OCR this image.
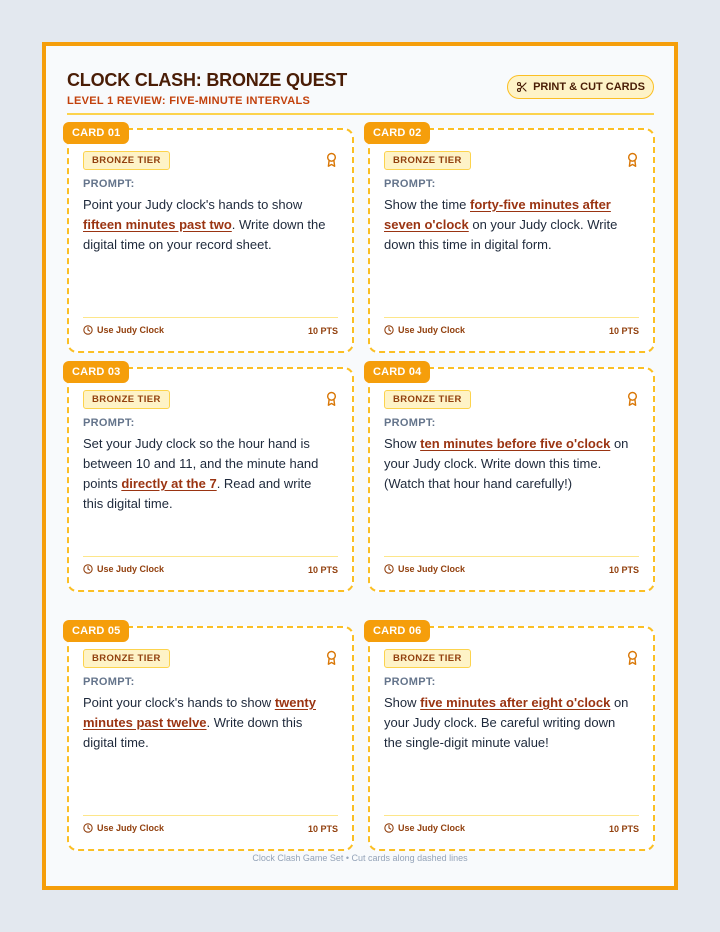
CLOCK CLASH: BRONZE QUEST
LEVEL 1 REVIEW: FIVE-MINUTE INTERVALS
PRINT & CUT CARDS
CARD 01
BRONZE TIER
PROMPT:
Point your Judy clock's hands to show fifteen minutes past two. Write down the digital time on your record sheet.
Use Judy Clock	10 PTS
CARD 02
BRONZE TIER
PROMPT:
Show the time forty-five minutes after seven o'clock on your Judy clock. Write down this time in digital form.
Use Judy Clock	10 PTS
CARD 03
BRONZE TIER
PROMPT:
Set your Judy clock so the hour hand is between 10 and 11, and the minute hand points directly at the 7. Read and write this digital time.
Use Judy Clock	10 PTS
CARD 04
BRONZE TIER
PROMPT:
Show ten minutes before five o'clock on your Judy clock. Write down this time. (Watch that hour hand carefully!)
Use Judy Clock	10 PTS
CARD 05
BRONZE TIER
PROMPT:
Point your clock's hands to show twenty minutes past twelve. Write down this digital time.
Use Judy Clock	10 PTS
CARD 06
BRONZE TIER
PROMPT:
Show five minutes after eight o'clock on your Judy clock. Be careful writing down the single-digit minute value!
Use Judy Clock	10 PTS
Clock Clash Game Set • Cut cards along dashed lines
